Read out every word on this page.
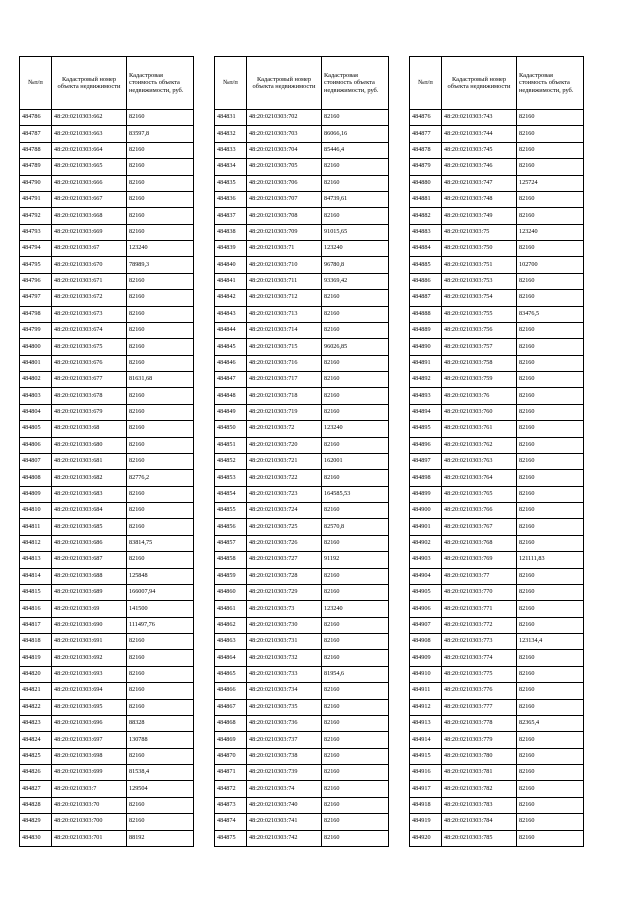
№п/п	Кадастровый номер объекта недвижимости	Кадастровая стоимость объекта недвижимости, руб.
484786	48:20:0210303:662	82160
484787	48:20:0210303:663	83597,8
484788	48:20:0210303:664	82160
484789	48:20:0210303:665	82160
484790	48:20:0210303:666	82160
484791	48:20:0210303:667	82160
484792	48:20:0210303:668	82160
484793	48:20:0210303:669	82160
484794	48:20:0210303:67	123240
484795	48:20:0210303:670	78989,3
484796	48:20:0210303:671	82160
484797	48:20:0210303:672	82160
484798	48:20:0210303:673	82160
484799	48:20:0210303:674	82160
484800	48:20:0210303:675	82160
484801	48:20:0210303:676	82160
484802	48:20:0210303:677	81631,68
484803	48:20:0210303:678	82160
484804	48:20:0210303:679	82160
484805	48:20:0210303:68	82160
484806	48:20:0210303:680	82160
484807	48:20:0210303:681	82160
484808	48:20:0210303:682	82776,2
484809	48:20:0210303:683	82160
484810	48:20:0210303:684	82160
484811	48:20:0210303:685	82160
484812	48:20:0210303:686	83814,75
484813	48:20:0210303:687	82160
484814	48:20:0210303:688	125848
484815	48:20:0210303:689	166007,94
484816	48:20:0210303:69	141500
484817	48:20:0210303:690	111497,76
484818	48:20:0210303:691	82160
484819	48:20:0210303:692	82160
484820	48:20:0210303:693	82160
484821	48:20:0210303:694	82160
484822	48:20:0210303:695	82160
484823	48:20:0210303:696	88328
484824	48:20:0210303:697	130788
484825	48:20:0210303:698	82160
484826	48:20:0210303:699	81538,4
484827	48:20:0210303:7	129504
484828	48:20:0210303:70	82160
484829	48:20:0210303:700	82160
484830	48:20:0210303:701	88192
№п/п	Кадастровый номер объекта недвижимости	Кадастровая стоимость объекта недвижимости, руб.
484831	48:20:0210303:702	82160
484832	48:20:0210303:703	86066,16
484833	48:20:0210303:704	85446,4
484834	48:20:0210303:705	82160
484835	48:20:0210303:706	82160
484836	48:20:0210303:707	84739,61
484837	48:20:0210303:708	82160
484838	48:20:0210303:709	91015,65
484839	48:20:0210303:71	123240
484840	48:20:0210303:710	96780,8
484841	48:20:0210303:711	93369,42
484842	48:20:0210303:712	82160
484843	48:20:0210303:713	82160
484844	48:20:0210303:714	82160
484845	48:20:0210303:715	96026,85
484846	48:20:0210303:716	82160
484847	48:20:0210303:717	82160
484848	48:20:0210303:718	82160
484849	48:20:0210303:719	82160
484850	48:20:0210303:72	123240
484851	48:20:0210303:720	82160
484852	48:20:0210303:721	162001
484853	48:20:0210303:722	82160
484854	48:20:0210303:723	164585,53
484855	48:20:0210303:724	82160
484856	48:20:0210303:725	82570,8
484857	48:20:0210303:726	82160
484858	48:20:0210303:727	91192
484859	48:20:0210303:728	82160
484860	48:20:0210303:729	82160
484861	48:20:0210303:73	123240
484862	48:20:0210303:730	82160
484863	48:20:0210303:731	82160
484864	48:20:0210303:732	82160
484865	48:20:0210303:733	81954,6
484866	48:20:0210303:734	82160
484867	48:20:0210303:735	82160
484868	48:20:0210303:736	82160
484869	48:20:0210303:737	82160
484870	48:20:0210303:738	82160
484871	48:20:0210303:739	82160
484872	48:20:0210303:74	82160
484873	48:20:0210303:740	82160
484874	48:20:0210303:741	82160
484875	48:20:0210303:742	82160
№п/п	Кадастровый номер объекта недвижимости	Кадастровая стоимость объекта недвижимости, руб.
484876	48:20:0210303:743	82160
484877	48:20:0210303:744	82160
484878	48:20:0210303:745	82160
484879	48:20:0210303:746	82160
484880	48:20:0210303:747	125724
484881	48:20:0210303:748	82160
484882	48:20:0210303:749	82160
484883	48:20:0210303:75	123240
484884	48:20:0210303:750	82160
484885	48:20:0210303:751	102700
484886	48:20:0210303:753	82160
484887	48:20:0210303:754	82160
484888	48:20:0210303:755	83476,5
484889	48:20:0210303:756	82160
484890	48:20:0210303:757	82160
484891	48:20:0210303:758	82160
484892	48:20:0210303:759	82160
484893	48:20:0210303:76	82160
484894	48:20:0210303:760	82160
484895	48:20:0210303:761	82160
484896	48:20:0210303:762	82160
484897	48:20:0210303:763	82160
484898	48:20:0210303:764	82160
484899	48:20:0210303:765	82160
484900	48:20:0210303:766	82160
484901	48:20:0210303:767	82160
484902	48:20:0210303:768	82160
484903	48:20:0210303:769	121111,83
484904	48:20:0210303:77	82160
484905	48:20:0210303:770	82160
484906	48:20:0210303:771	82160
484907	48:20:0210303:772	82160
484908	48:20:0210303:773	123134,4
484909	48:20:0210303:774	82160
484910	48:20:0210303:775	82160
484911	48:20:0210303:776	82160
484912	48:20:0210303:777	82160
484913	48:20:0210303:778	82365,4
484914	48:20:0210303:779	82160
484915	48:20:0210303:780	82160
484916	48:20:0210303:781	82160
484917	48:20:0210303:782	82160
484918	48:20:0210303:783	82160
484919	48:20:0210303:784	82160
484920	48:20:0210303:785	82160
